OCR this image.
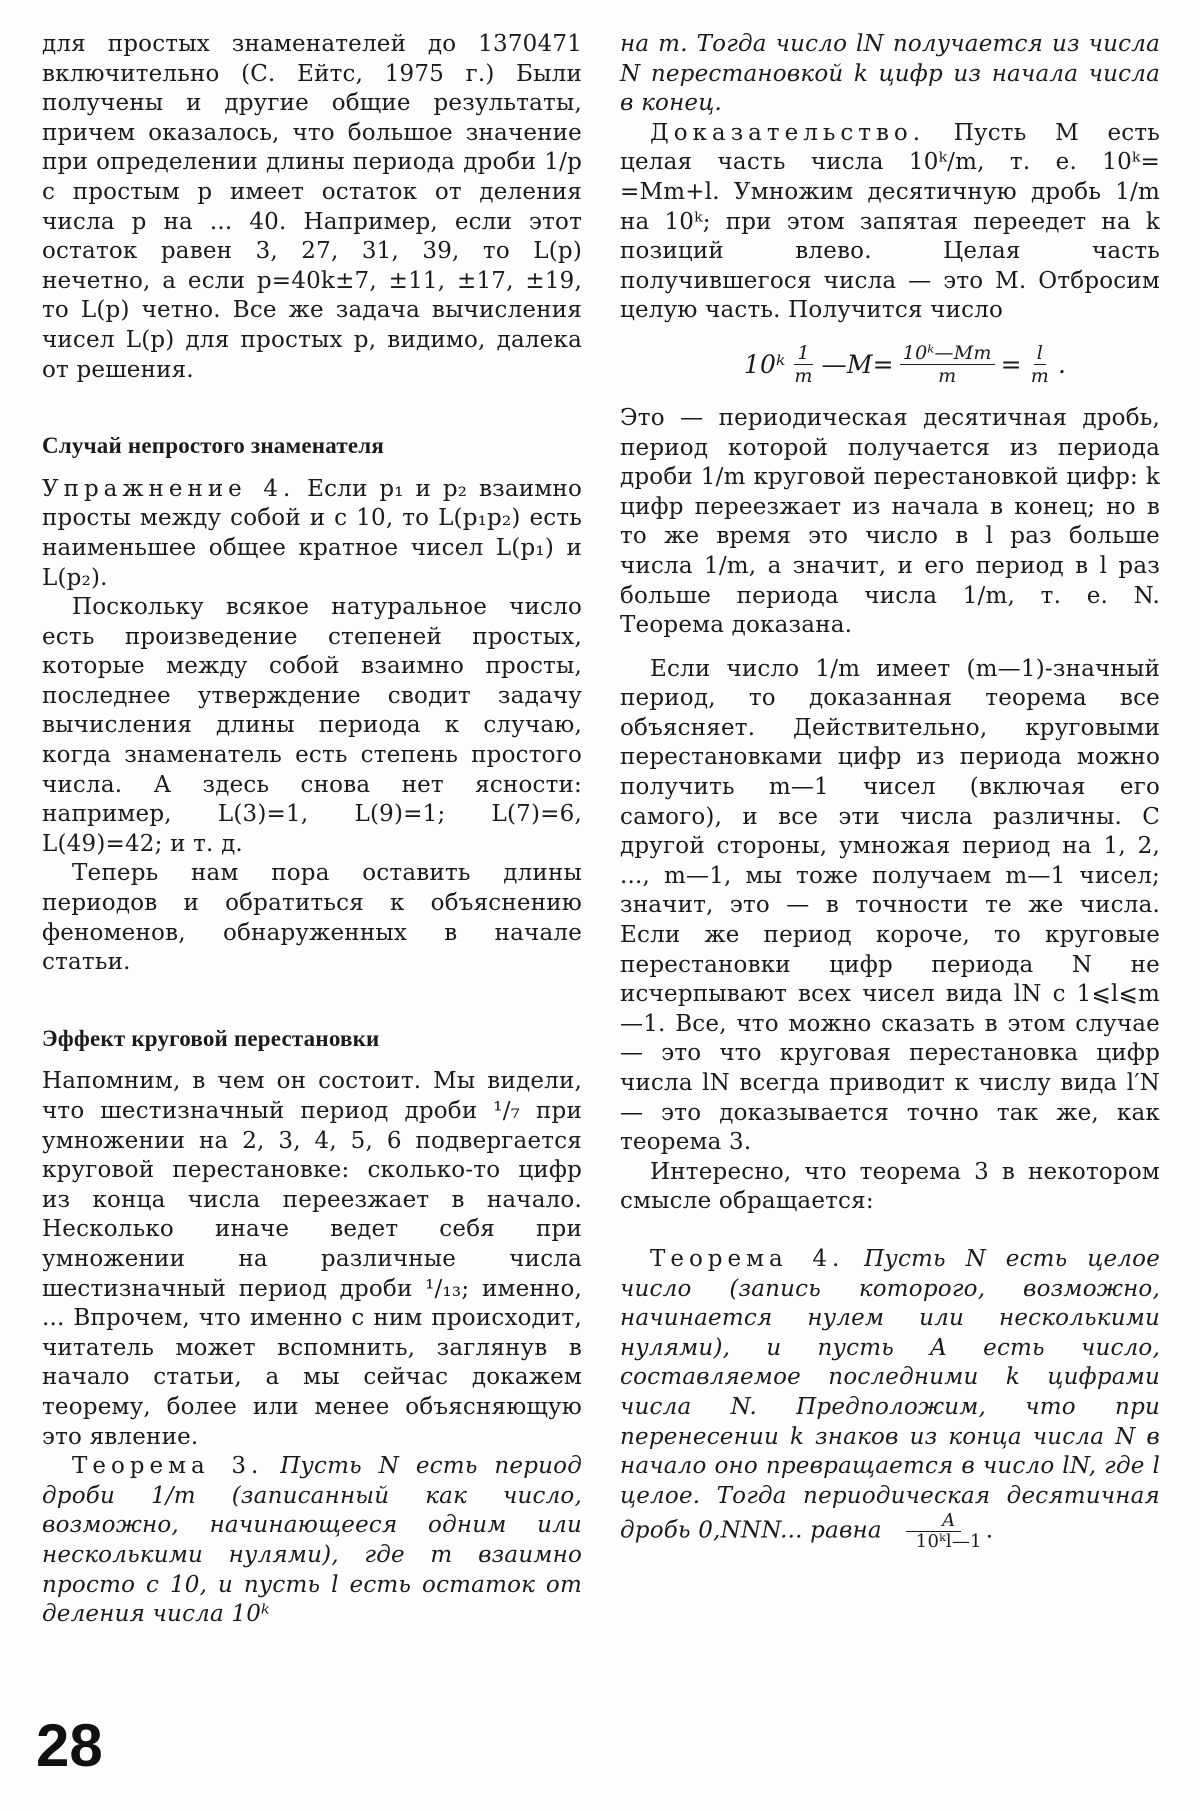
для простых знаменателей до 1370471 включительно (С. Ейтс, 1975 г.) Были получены и другие общие результаты, причем оказалось, что большое значение при определении длины периода дроби 1/p с простым p имеет остаток от деления числа p на ... 40. Например, если этот остаток равен 3, 27, 31, 39, то L(p) нечетно, а если p=40k±7, ±11, ±17, ±19, то L(p) четно. Все же задача вычисления чисел L(p) для простых p, видимо, далека от решения.

Случай непростого знаменателя

Упражнение 4. Если p₁ и p₂ взаимно просты между собой и с 10, то L(p₁p₂) есть наименьшее общее кратное чисел L(p₁) и L(p₂).

Поскольку всякое натуральное число есть произведение степеней простых, которые между собой взаимно просты, последнее утверждение сводит задачу вычисления длины периода к случаю, когда знаменатель есть степень простого числа. А здесь снова нет ясности: например, L(3)=1, L(9)=1; L(7)=6, L(49)=42; и т. д.

Теперь нам пора оставить длины периодов и обратиться к объяснению феноменов, обнаруженных в начале статьи.

Эффект круговой перестановки

Напомним, в чем он состоит. Мы видели, что шестизначный период дроби ¹/₇ при умножении на 2, 3, 4, 5, 6 подвергается круговой перестановке: сколько-то цифр из конца числа переезжает в начало. Несколько иначе ведет себя при умножении на различные числа шестизначный период дроби ¹/₁₃; именно, ... Впрочем, что именно с ним происходит, читатель может вспомнить, заглянув в начало статьи, а мы сейчас докажем теорему, более или менее объясняющую это явление.

Теорема 3. Пусть N есть период дроби 1/m (записанный как число, возможно, начинающееся одним или несколькими нулями), где m взаимно просто с 10, и пусть l есть остаток от деления числа 10ᵏ

на m. Тогда число lN получается из числа N перестановкой k цифр из начала числа в конец.

Доказательство. Пусть M есть целая часть числа 10ᵏ/m, т. е. 10ᵏ= =Mm+l. Умножим десятичную дробь 1/m на 10ᵏ; при этом запятая переедет на k позиций влево. Целая часть получившегося числа — это M. Отбросим целую часть. Получится число

10ᵏ $\frac{1}{m}$ —M= $\frac{\text{10ᵏ—Mm}}{m} = \frac{l}{m}$ .

Это — периодическая десятичная дробь, период которой получается из периода дроби 1/m круговой перестановкой цифр: k цифр переезжает из начала в конец; но в то же время это число в l раз больше числа 1/m, а значит, и его период в l раз больше периода числа 1/m, т. е. N. Теорема доказана.

Если число 1/m имеет (m—1)-значный период, то доказанная теорема все объясняет. Действительно, круговыми перестановками цифр из периода можно получить m—1 чисел (включая его самого), и все эти числа различны. С другой стороны, умножая период на 1, 2, ..., m—1, мы тоже получаем m—1 чисел; значит, это — в точности те же числа. Если же период короче, то круговые перестановки цифр периода N не исчерпывают всех чисел вида lN с 1⩽l⩽m—1. Все, что можно сказать в этом случае — это что круговая перестановка цифр числа lN всегда приводит к числу вида l′N — это доказывается точно так же, как теорема 3.

Интересно, что теорема 3 в некотором смысле обращается:

Теорема 4. Пусть N есть целое число (запись которого, возможно, начинается нулем или несколькими нулями), и пусть A есть число, составляемое последними k цифрами числа N. Предположим, что при перенесении k знаков из конца числа N в начало оно превращается в число lN, где l целое. Тогда периодическая десятичная дробь 0,NNN... равна $\frac{A}{\text{10ᵏl—1}}$ .

28
